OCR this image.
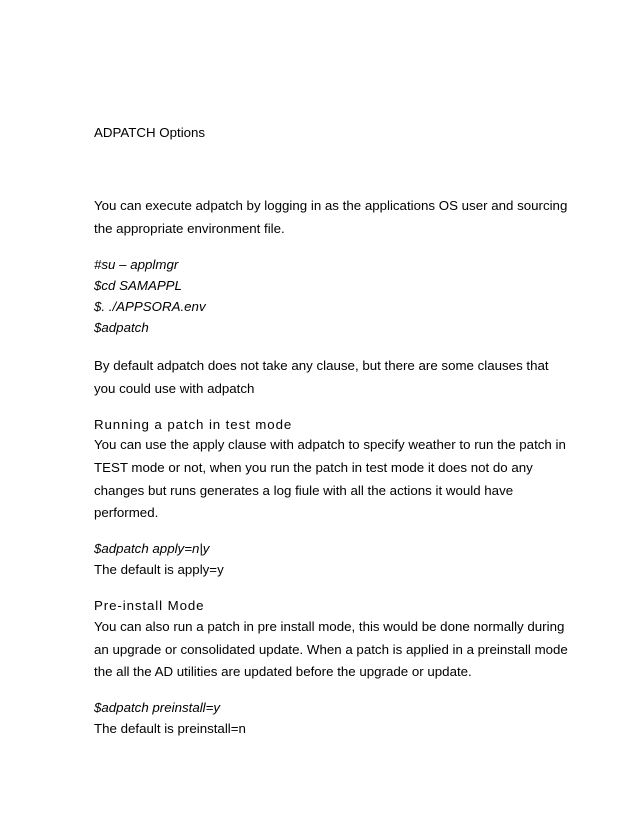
ADPATCH Options

You can execute adpatch by logging in as the applications OS user and sourcing

the appropriate environment file.

#su – applmgr

$cd SAMAPPL

$. ./APPSORA.env

$adpatch

By default adpatch does not take any clause, but there are some clauses that

you could use with adpatch

Running a patch in test mode

You can use the apply clause with adpatch to specify weather to run the patch in

TEST mode or not, when you run the patch in test mode it does not do any

changes but runs generates a log fiule with all the actions it would have

performed.

$adpatch apply=n|y

The default is apply=y

Pre-install Mode

You can also run a patch in pre install mode, this would be done normally during

an upgrade or consolidated update. When a patch is applied in a preinstall mode

the all the AD utilities are updated before the upgrade or update.

$adpatch preinstall=y

The default is preinstall=n
